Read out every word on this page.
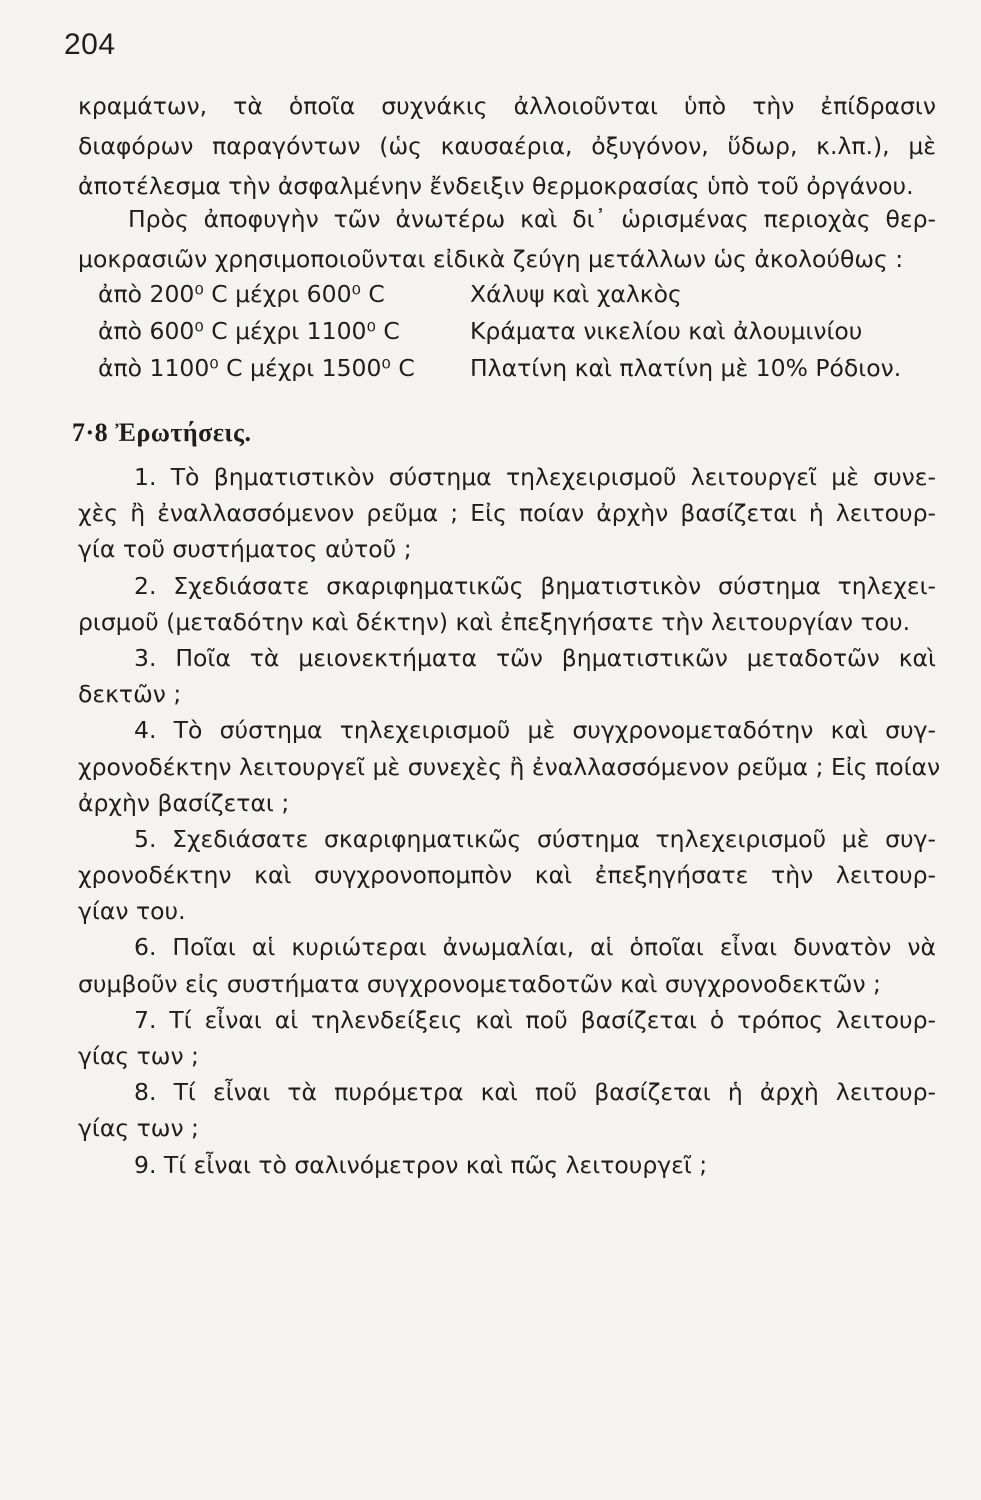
204
κραμάτων, τὰ ὁποῖα συχνάκις ἀλλοιοῦνται ὑπὸ τὴν ἐπίδρασιν
διαφόρων παραγόντων (ὡς καυσαέρια, ὀξυγόνον, ὕδωρ, κ.λπ.), μὲ
ἀποτέλεσμα τὴν ἀσφαλμένην ἔνδειξιν θερμοκρασίας ὑπὸ τοῦ ὀργάνου.
Πρὸς ἀποφυγὴν τῶν ἀνωτέρω καὶ δι᾽ ὡρισμένας περιοχὰς θερ-
μοκρασιῶν χρησιμοποιοῦνται εἰδικὰ ζεύγη μετάλλων ὡς ἀκολούθως :
ἀπὸ 200⁰ C μέχρι 600⁰ C	Χάλυψ καὶ χαλκὸς
ἀπὸ 600⁰ C μέχρι 1100⁰ C	Κράματα νικελίου καὶ ἀλουμινίου
ἀπὸ 1100⁰ C μέχρι 1500⁰ C	Πλατίνη καὶ πλατίνη μὲ 10% Ρόδιον.
7·8 Ἐρωτήσεις.
1. Τὸ βηματιστικὸν σύστημα τηλεχειρισμοῦ λειτουργεῖ μὲ συνε-
χὲς ἢ ἐναλλασσόμενον ρεῦμα ; Εἰς ποίαν ἀρχὴν βασίζεται ἡ λειτουρ-
γία τοῦ συστήματος αὐτοῦ ;
2. Σχεδιάσατε σκαριφηματικῶς βηματιστικὸν σύστημα τηλεχει-
ρισμοῦ (μεταδότην καὶ δέκτην) καὶ ἐπεξηγήσατε τὴν λειτουργίαν του.
3. Ποῖα τὰ μειονεκτήματα τῶν βηματιστικῶν μεταδοτῶν καὶ
δεκτῶν ;
4. Τὸ σύστημα τηλεχειρισμοῦ μὲ συγχρονομεταδότην καὶ συγ-
χρονοδέκτην λειτουργεῖ μὲ συνεχὲς ἢ ἐναλλασσόμενον ρεῦμα ; Εἰς ποίαν
ἀρχὴν βασίζεται ;
5. Σχεδιάσατε σκαριφηματικῶς σύστημα τηλεχειρισμοῦ μὲ συγ-
χρονοδέκτην καὶ συγχρονοπομπὸν καὶ ἐπεξηγήσατε τὴν λειτουρ-
γίαν του.
6. Ποῖαι αἱ κυριώτεραι ἀνωμαλίαι, αἱ ὁποῖαι εἶναι δυνατὸν νὰ
συμβοῦν εἰς συστήματα συγχρονομεταδοτῶν καὶ συγχρονοδεκτῶν ;
7. Τί εἶναι αἱ τηλενδείξεις καὶ ποῦ βασίζεται ὁ τρόπος λειτουρ-
γίας των ;
8. Τί εἶναι τὰ πυρόμετρα καὶ ποῦ βασίζεται ἡ ἀρχὴ λειτουρ-
γίας των ;
9. Τί εἶναι τὸ σαλινόμετρον καὶ πῶς λειτουργεῖ ;
